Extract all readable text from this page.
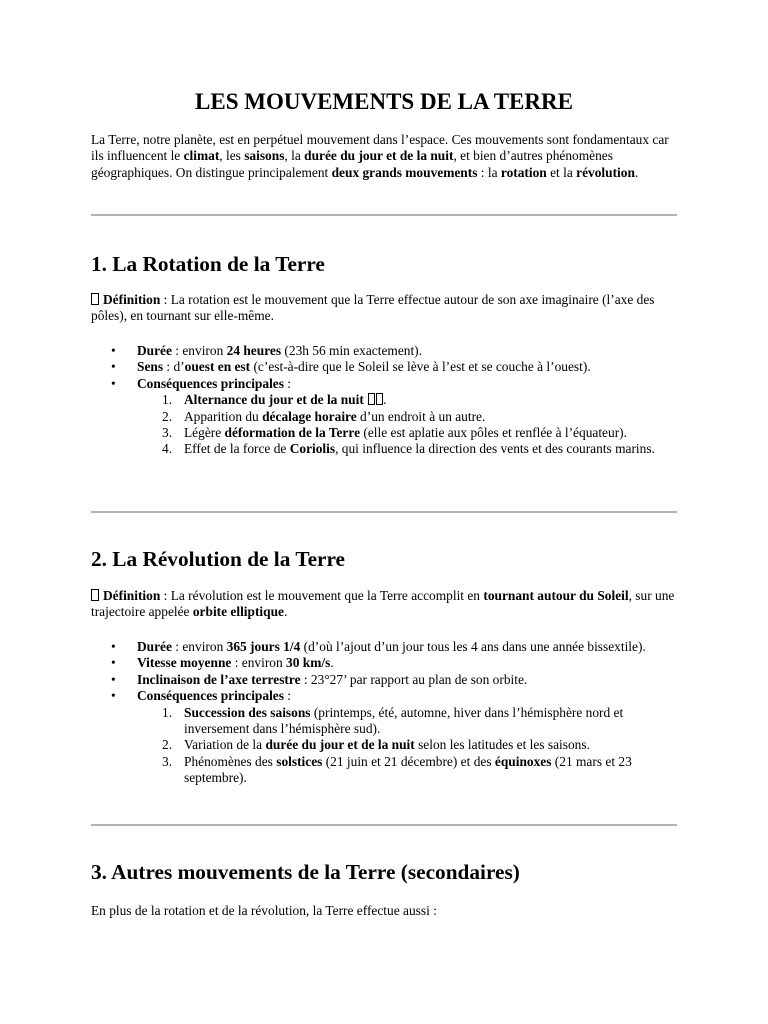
LES MOUVEMENTS DE LA TERRE
La Terre, notre planète, est en perpétuel mouvement dans l’espace. Ces mouvements sont fondamentaux car ils influencent le climat, les saisons, la durée du jour et de la nuit, et bien d’autres phénomènes géographiques. On distingue principalement deux grands mouvements : la rotation et la révolution.
1. La Rotation de la Terre
Définition : La rotation est le mouvement que la Terre effectue autour de son axe imaginaire (l’axe des pôles), en tournant sur elle-même.
• Durée : environ 24 heures (23h 56 min exactement).
• Sens : d’ouest en est (c’est-à-dire que le Soleil se lève à l’est et se couche à l’ouest).
• Conséquences principales :
1. Alternance du jour et de la nuit .
2. Apparition du décalage horaire d’un endroit à un autre.
3. Légère déformation de la Terre (elle est aplatie aux pôles et renflée à l’équateur).
4. Effet de la force de Coriolis, qui influence la direction des vents et des courants marins.
2. La Révolution de la Terre
Définition : La révolution est le mouvement que la Terre accomplit en tournant autour du Soleil, sur une trajectoire appelée orbite elliptique.
• Durée : environ 365 jours 1/4 (d’où l’ajout d’un jour tous les 4 ans dans une année bissextile).
• Vitesse moyenne : environ 30 km/s.
• Inclinaison de l’axe terrestre : 23°27’ par rapport au plan de son orbite.
• Conséquences principales :
1. Succession des saisons (printemps, été, automne, hiver dans l’hémisphère nord et inversement dans l’hémisphère sud).
2. Variation de la durée du jour et de la nuit selon les latitudes et les saisons.
3. Phénomènes des solstices (21 juin et 21 décembre) et des équinoxes (21 mars et 23 septembre).
3. Autres mouvements de la Terre (secondaires)
En plus de la rotation et de la révolution, la Terre effectue aussi :
